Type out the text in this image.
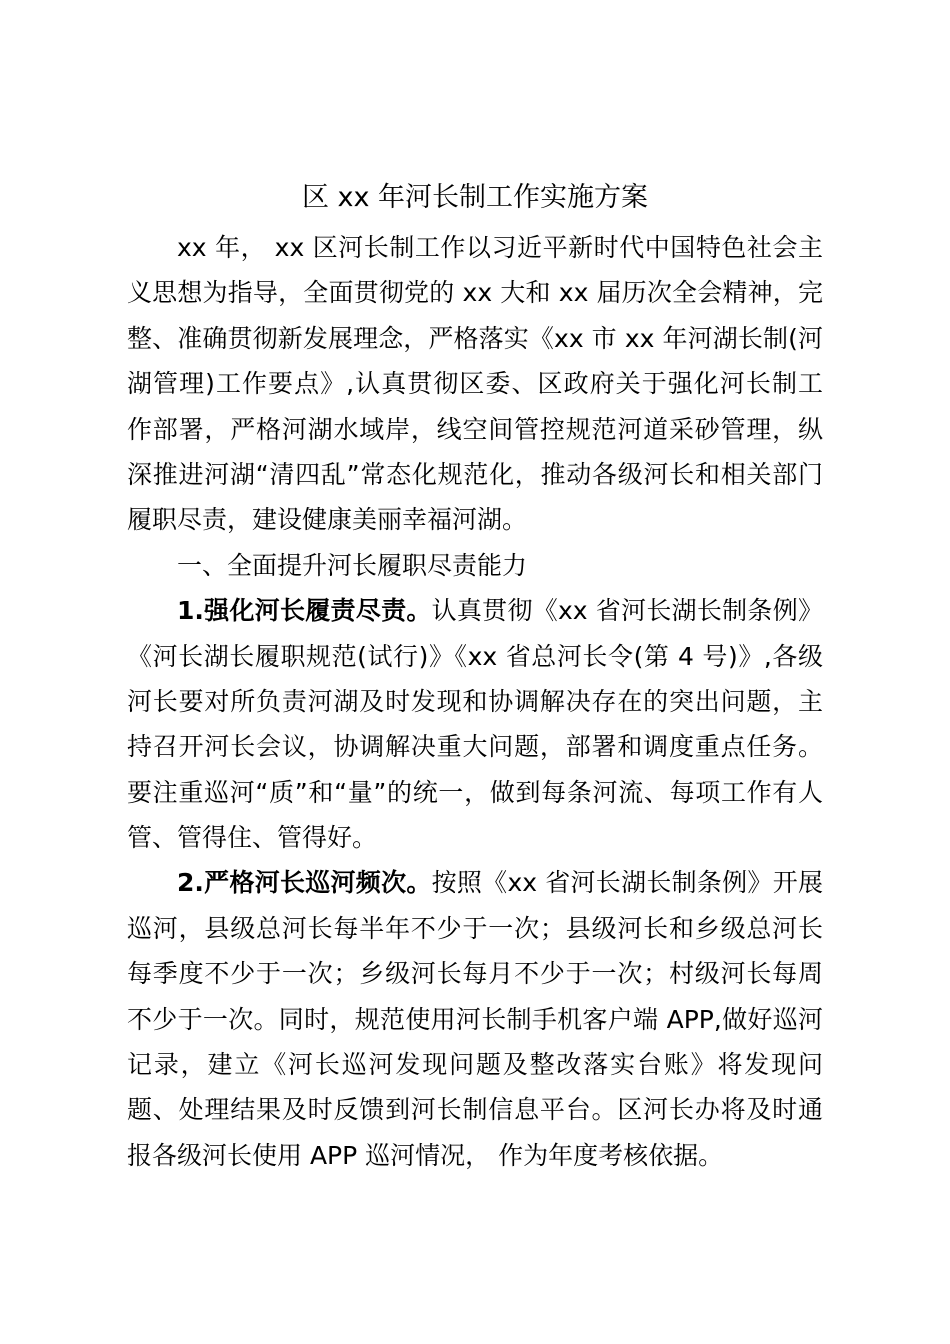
区 xx 年河长制工作实施方案
xx 年， xx 区河长制工作以习近平新时代中国特色社会主
义思想为指导，全面贯彻党的 xx 大和 xx 届历次全会精神，完
整、准确贯彻新发展理念，严格落实《xx 市 xx 年河湖长制(河
湖管理)工作要点》,认真贯彻区委、区政府关于强化河长制工
作部署，严格河湖水域岸，线空间管控规范河道采砂管理，纵
深推进河湖“清四乱”常态化规范化，推动各级河长和相关部门
履职尽责，建设健康美丽幸福河湖。
一、全面提升河长履职尽责能力
1.强化河长履责尽责。认真贯彻《xx 省河长湖长制条例》
《河长湖长履职规范(试行)》《xx 省总河长令(第 4 号)》,各级
河长要对所负责河湖及时发现和协调解决存在的突出问题，主
持召开河长会议，协调解决重大问题，部署和调度重点任务。
要注重巡河“质”和“量”的统一，做到每条河流、每项工作有人
管、管得住、管得好。
2.严格河长巡河频次。按照《xx 省河长湖长制条例》开展
巡河，县级总河长每半年不少于一次；县级河长和乡级总河长
每季度不少于一次；乡级河长每月不少于一次；村级河长每周
不少于一次。同时，规范使用河长制手机客户端 APP,做好巡河
记录，建立《河长巡河发现问题及整改落实台账》将发现问
题、处理结果及时反馈到河长制信息平台。区河长办将及时通
报各级河长使用 APP 巡河情况， 作为年度考核依据。
